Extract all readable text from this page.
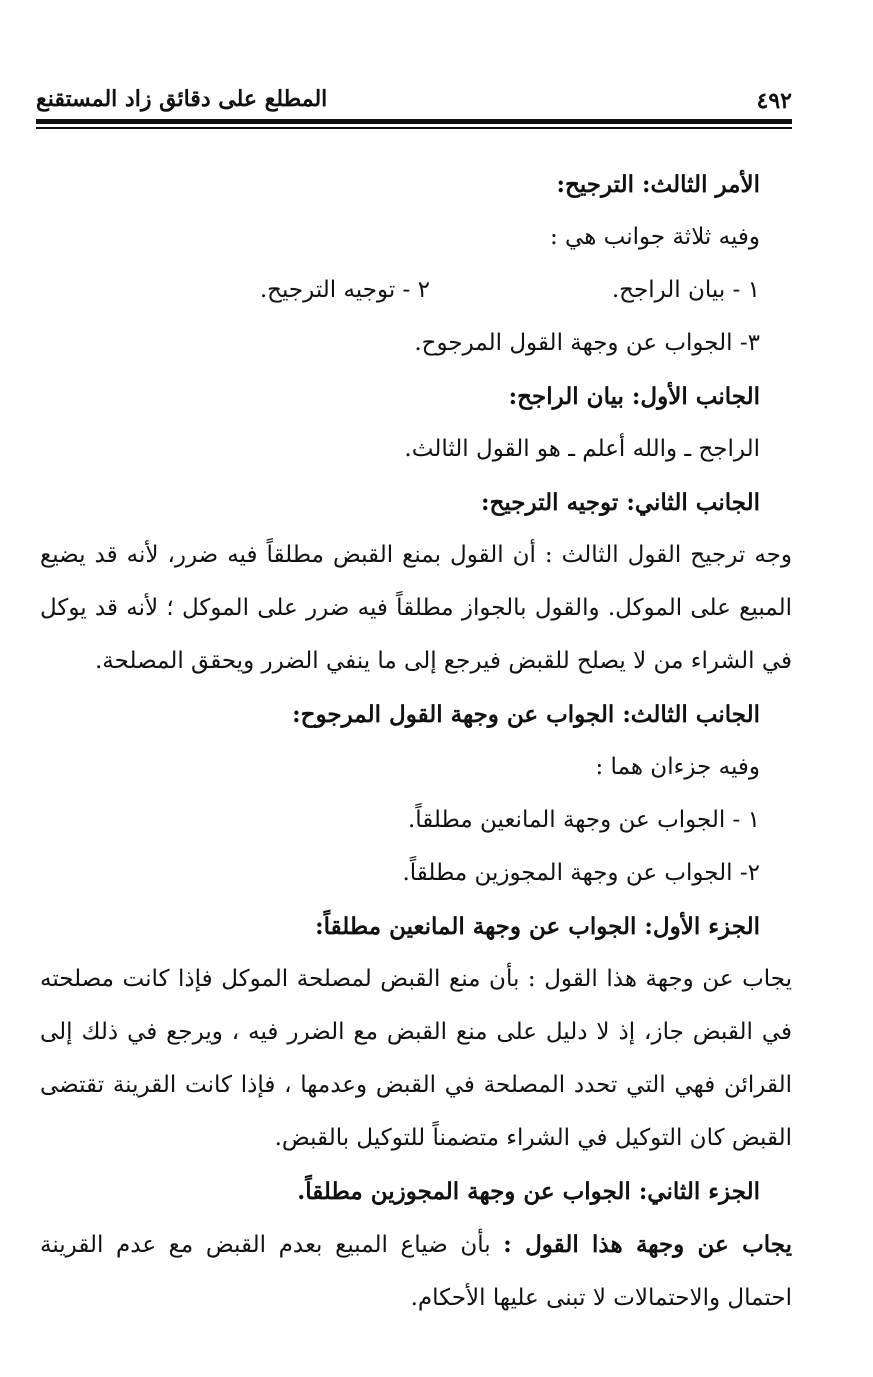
٤٩٢
المطلع على دقائق زاد المستقنع
الأمر الثالث: الترجيح:
وفيه ثلاثة جوانب هي :
١ - بيان الراجح.
٢ - توجيه الترجيح.
٣- الجواب عن وجهة القول المرجوح.
الجانب الأول: بيان الراجح:
الراجح ـ والله أعلم ـ هو القول الثالث.
الجانب الثاني: توجيه الترجيح:
وجه ترجيح القول الثالث : أن القول بمنع القبض مطلقاً فيه ضرر، لأنه قد يضيع المبيع على الموكل. والقول بالجواز مطلقاً فيه ضرر على الموكل ؛ لأنه قد يوكل في الشراء من لا يصلح للقبض فيرجع إلى ما ينفي الضرر ويحقق المصلحة.
الجانب الثالث: الجواب عن وجهة القول المرجوح:
وفيه جزءان هما :
١ - الجواب عن وجهة المانعين مطلقاً.
٢- الجواب عن وجهة المجوزين مطلقاً.
الجزء الأول: الجواب عن وجهة المانعين مطلقاً:
يجاب عن وجهة هذا القول : بأن منع القبض لمصلحة الموكل فإذا كانت مصلحته في القبض جاز، إذ لا دليل على منع القبض مع الضرر فيه ، ويرجع في ذلك إلى القرائن فهي التي تحدد المصلحة في القبض وعدمها ، فإذا كانت القرينة تقتضى القبض كان التوكيل في الشراء متضمناً للتوكيل بالقبض.
الجزء الثاني: الجواب عن وجهة المجوزين مطلقاً.
يجاب عن وجهة هذا القول : بأن ضياع المبيع بعدم القبض مع عدم القرينة احتمال والاحتمالات لا تبنى عليها الأحكام.
